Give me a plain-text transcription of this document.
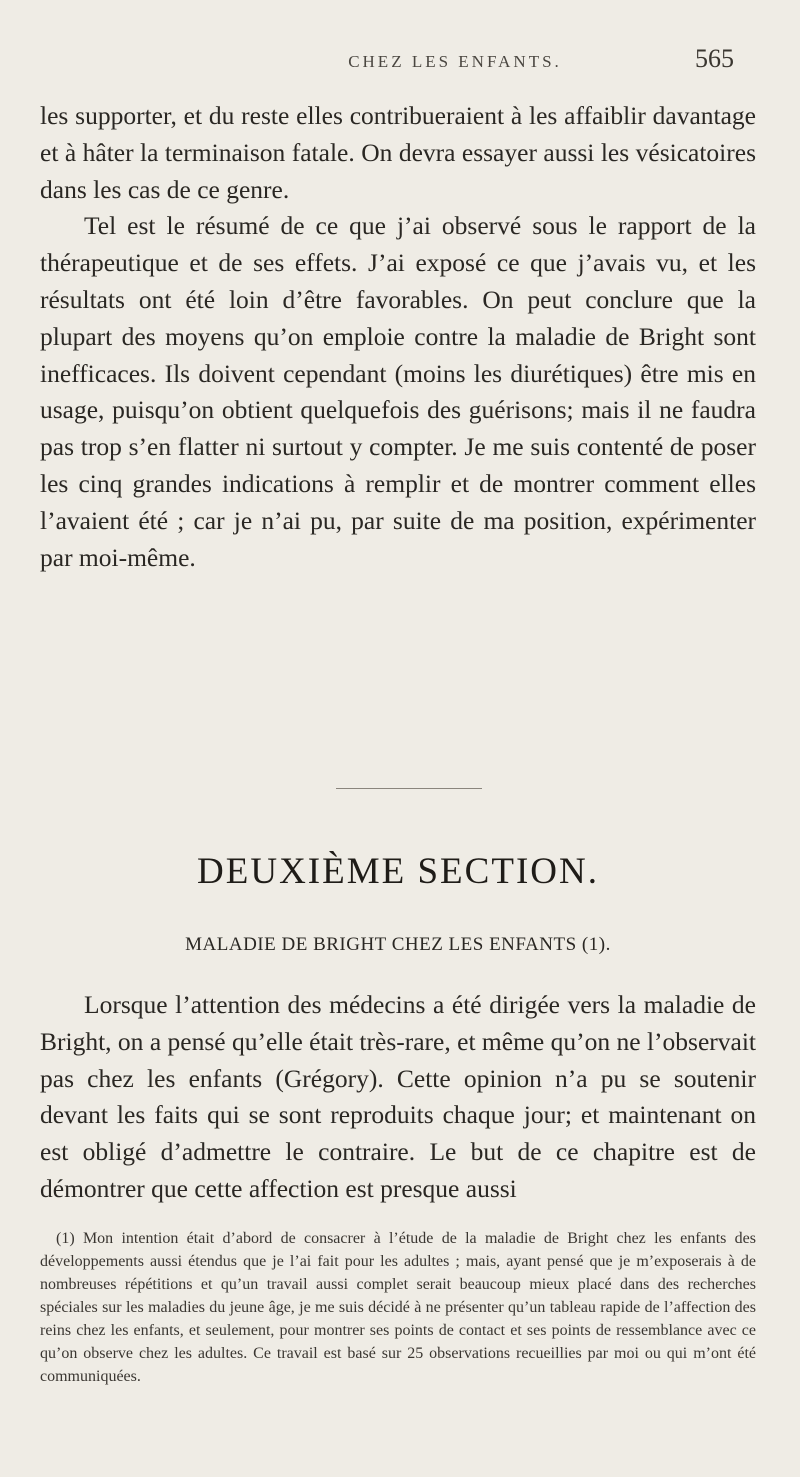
CHEZ LES ENFANTS.	565

les supporter, et du reste elles contribueraient à les affaiblir davantage et à hâter la terminaison fatale. On devra essayer aussi les vésicatoires dans les cas de ce genre.

Tel est le résumé de ce que j’ai observé sous le rapport de la thérapeutique et de ses effets. J’ai exposé ce que j’avais vu, et les résultats ont été loin d’être favorables. On peut conclure que la plupart des moyens qu’on emploie contre la maladie de Bright sont inefficaces. Ils doivent cependant (moins les diurétiques) être mis en usage, puisqu’on obtient quelquefois des guérisons; mais il ne faudra pas trop s’en flatter ni surtout y compter. Je me suis contenté de poser les cinq grandes indications à remplir et de montrer comment elles l’avaient été ; car je n’ai pu, par suite de ma position, expérimenter par moi-même.

DEUXIÈME SECTION.
MALADIE DE BRIGHT CHEZ LES ENFANTS (1).

Lorsque l’attention des médecins a été dirigée vers la maladie de Bright, on a pensé qu’elle était très-rare, et même qu’on ne l’observait pas chez les enfants (Grégory). Cette opinion n’a pu se soutenir devant les faits qui se sont reproduits chaque jour; et maintenant on est obligé d’admettre le contraire. Le but de ce chapitre est de démontrer que cette affection est presque aussi

(1) Mon intention était d’abord de consacrer à l’étude de la maladie de Bright chez les enfants des développements aussi étendus que je l’ai fait pour les adultes ; mais, ayant pensé que je m’exposerais à de nombreuses répétitions et qu’un travail aussi complet serait beaucoup mieux placé dans des recherches spéciales sur les maladies du jeune âge, je me suis décidé à ne présenter qu’un tableau rapide de l’affection des reins chez les enfants, et seulement, pour montrer ses points de contact et ses points de ressemblance avec ce qu’on observe chez les adultes. Ce travail est basé sur 25 observations recueillies par moi ou qui m’ont été communiquées.
